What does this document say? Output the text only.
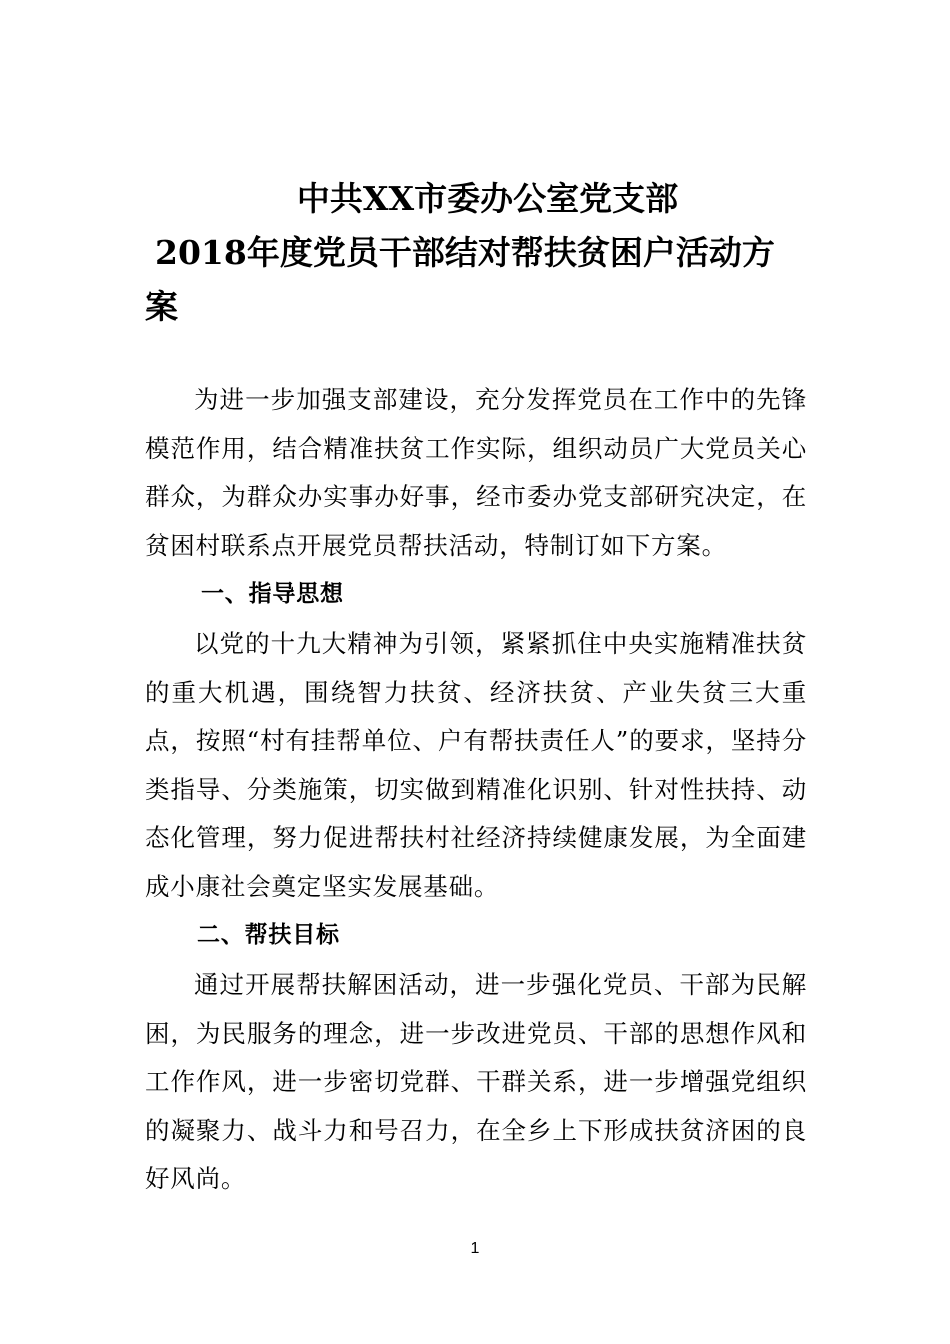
中共XX市委办公室党支部
2018年度党员干部结对帮扶贫困户活动方
案

为进一步加强支部建设，充分发挥党员在工作中的先锋模范作用，结合精准扶贫工作实际，组织动员广大党员关心群众，为群众办实事办好事，经市委办党支部研究决定，在贫困村联系点开展党员帮扶活动，特制订如下方案。

一、指导思想

以党的十九大精神为引领，紧紧抓住中央实施精准扶贫的重大机遇，围绕智力扶贫、经济扶贫、产业失贫三大重点，按照“村有挂帮单位、户有帮扶责任人”的要求，坚持分类指导、分类施策，切实做到精准化识别、针对性扶持、动态化管理，努力促进帮扶村社经济持续健康发展，为全面建成小康社会奠定坚实发展基础。

二、帮扶目标

通过开展帮扶解困活动，进一步强化党员、干部为民解困，为民服务的理念，进一步改进党员、干部的思想作风和工作作风，进一步密切党群、干群关系，进一步增强党组织的凝聚力、战斗力和号召力，在全乡上下形成扶贫济困的良好风尚。

1
